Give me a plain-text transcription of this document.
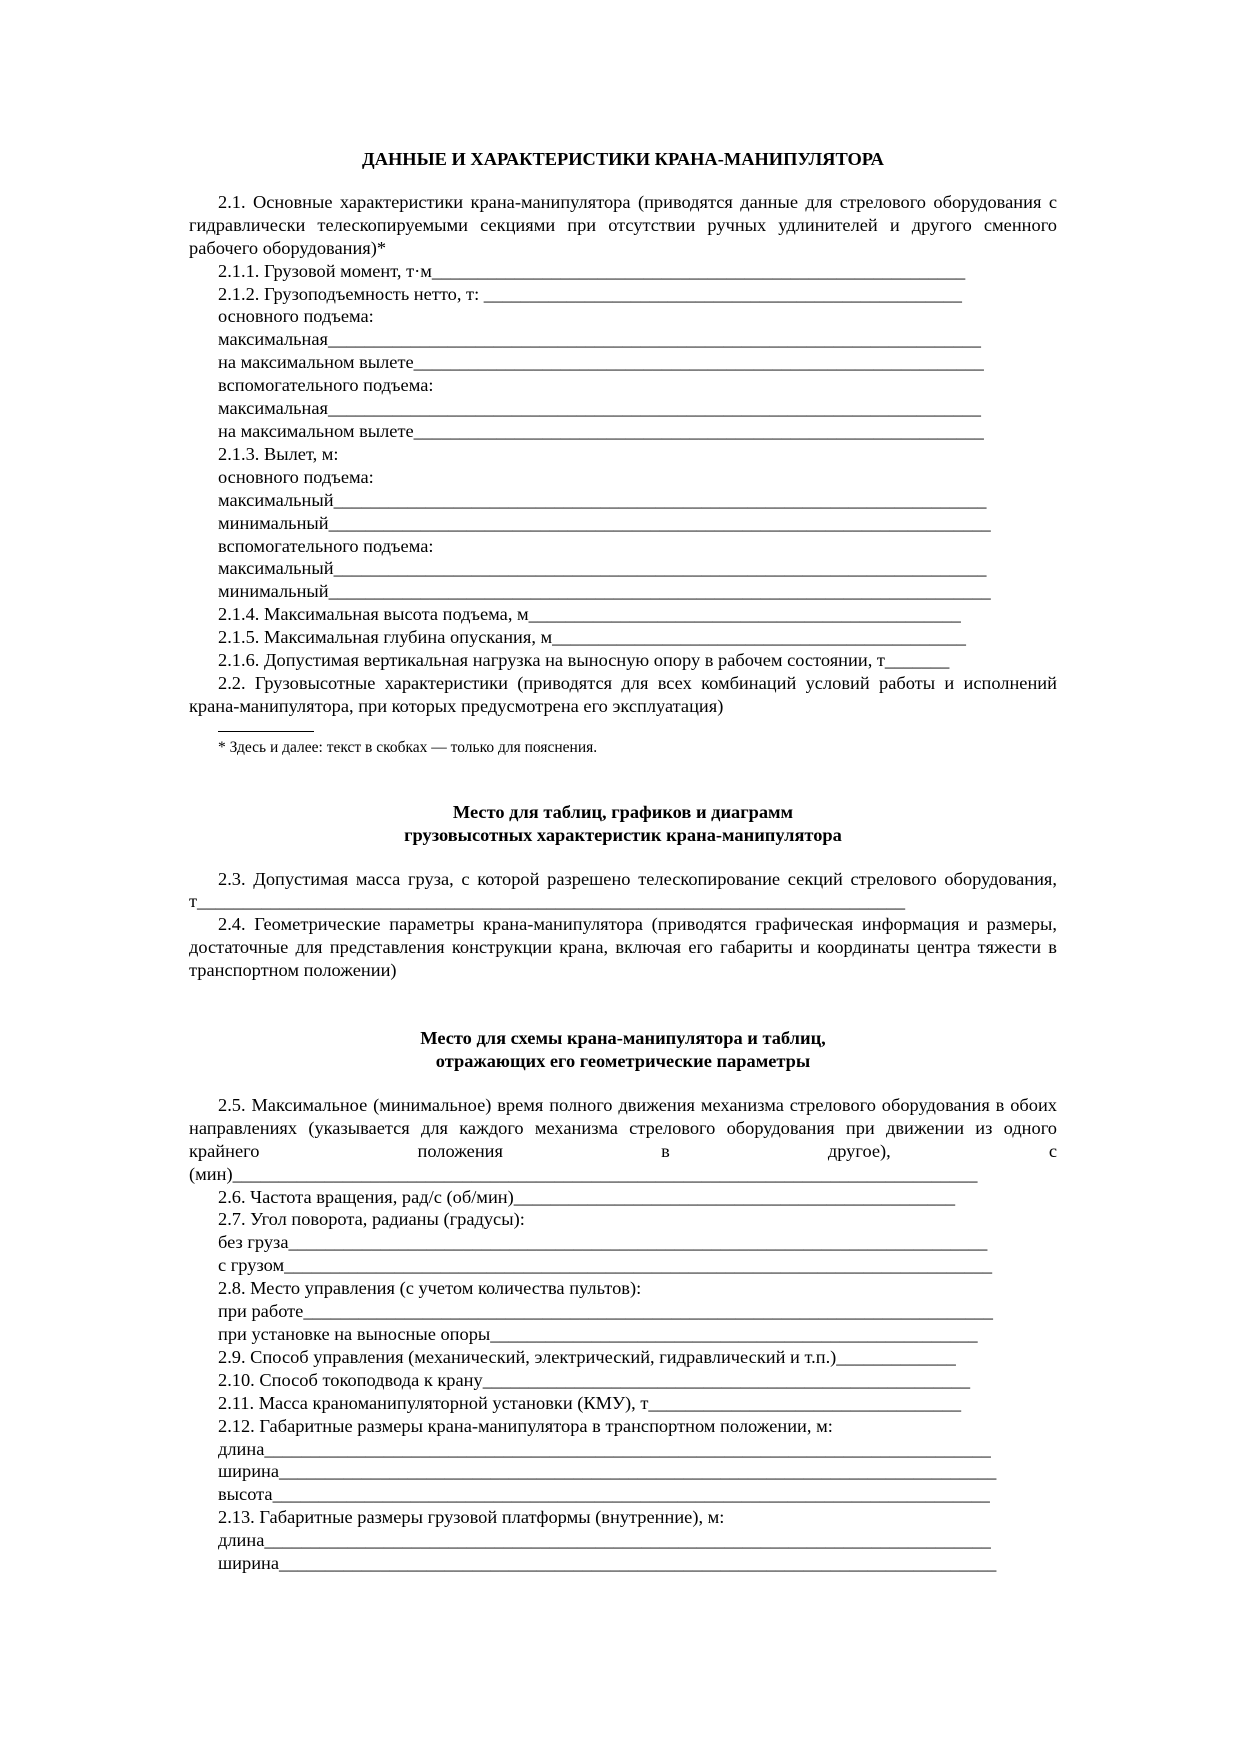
ДАННЫЕ И ХАРАКТЕРИСТИКИ КРАНА-МАНИПУЛЯТОРА

2.1. Основные характеристики крана-манипулятора (приводятся данные для стрелового оборудования с гидравлически телескопируемыми секциями при отсутствии ручных удлинителей и другого сменного рабочего оборудования)*

2.1.1. Грузовой момент, т·м__________________________________________________________
2.1.2. Грузоподъемность нетто, т: ____________________________________________________
основного подъема:
максимальная_______________________________________________________________________
на максимальном вылете______________________________________________________________
вспомогательного подъема:
максимальная_______________________________________________________________________
на максимальном вылете______________________________________________________________
2.1.3. Вылет, м:
основного подъема:
максимальный_______________________________________________________________________
минимальный________________________________________________________________________
вспомогательного подъема:
максимальный_______________________________________________________________________
минимальный________________________________________________________________________
2.1.4. Максимальная высота подъема, м_______________________________________________
2.1.5. Максимальная глубина опускания, м_____________________________________________
2.1.6. Допустимая вертикальная нагрузка на выносную опору в рабочем состоянии, т_______

2.2. Грузовысотные характеристики (приводятся для всех комбинаций условий работы и исполнений крана-манипулятора, при которых предусмотрена его эксплуатация)

* Здесь и далее: текст в скобках — только для пояснения.

Место для таблиц, графиков и диаграмм

грузовысотных характеристик крана-манипулятора

2.3. Допустимая масса груза, с которой разрешено телескопирование секций стрелового оборудования, т_____________________________________________________________________________

2.4. Геометрические параметры крана-манипулятора (приводятся графическая информация и размеры, достаточные для представления конструкции крана, включая его габариты и координаты центра тяжести в транспортном положении)

Место для схемы крана-манипулятора и таблиц,

отражающих его геометрические параметры

2.5. Максимальное (минимальное) время полного движения механизма стрелового оборудования в обоих направлениях (указывается для каждого механизма стрелового оборудования при движении из одного крайнего положения в другое), с (мин)_________________________________________________________________________________

2.6. Частота вращения, рад/с (об/мин)________________________________________________
2.7. Угол поворота, радианы (градусы):
без груза____________________________________________________________________________
с грузом_____________________________________________________________________________
2.8. Место управления (с учетом количества пультов):
при работе___________________________________________________________________________
при установке на выносные опоры_____________________________________________________
2.9. Способ управления (механический, электрический, гидравлический и т.п.)_____________
2.10. Способ токоподвода к крану_____________________________________________________
2.11. Масса краноманипуляторной установки (КМУ), т__________________________________
2.12. Габаритные размеры крана-манипулятора в транспортном положении, м:
длина_______________________________________________________________________________
ширина______________________________________________________________________________
высота______________________________________________________________________________
2.13. Габаритные размеры грузовой платформы (внутренние), м:
длина_______________________________________________________________________________
ширина______________________________________________________________________________
